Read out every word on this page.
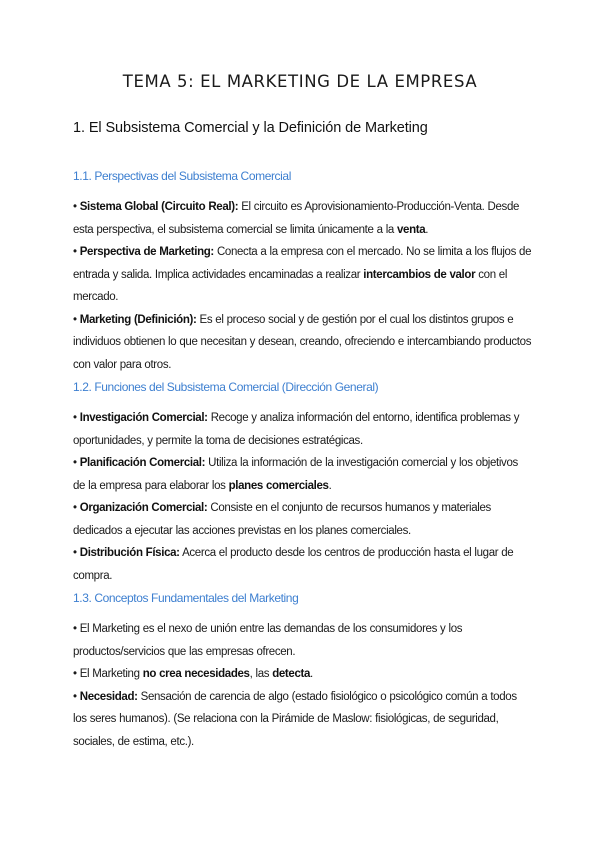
TEMA 5: EL MARKETING DE LA EMPRESA
1. El Subsistema Comercial y la Definición de Marketing
1.1. Perspectivas del Subsistema Comercial

• Sistema Global (Circuito Real): El circuito es Aprovisionamiento-Producción-Venta. Desde esta perspectiva, el subsistema comercial se limita únicamente a la venta.

• Perspectiva de Marketing: Conecta a la empresa con el mercado. No se limita a los flujos de entrada y salida. Implica actividades encaminadas a realizar intercambios de valor con el mercado.

• Marketing (Definición): Es el proceso social y de gestión por el cual los distintos grupos e individuos obtienen lo que necesitan y desean, creando, ofreciendo e intercambiando productos con valor para otros.

1.2. Funciones del Subsistema Comercial (Dirección General)

• Investigación Comercial: Recoge y analiza información del entorno, identifica problemas y oportunidades, y permite la toma de decisiones estratégicas.

• Planificación Comercial: Utiliza la información de la investigación comercial y los objetivos de la empresa para elaborar los planes comerciales.

• Organización Comercial: Consiste en el conjunto de recursos humanos y materiales dedicados a ejecutar las acciones previstas en los planes comerciales.

• Distribución Física: Acerca el producto desde los centros de producción hasta el lugar de compra.

1.3. Conceptos Fundamentales del Marketing

• El Marketing es el nexo de unión entre las demandas de los consumidores y los productos/servicios que las empresas ofrecen.

• El Marketing no crea necesidades, las detecta.

• Necesidad: Sensación de carencia de algo (estado fisiológico o psicológico común a todos los seres humanos). (Se relaciona con la Pirámide de Maslow: fisiológicas, de seguridad, sociales, de estima, etc.).
